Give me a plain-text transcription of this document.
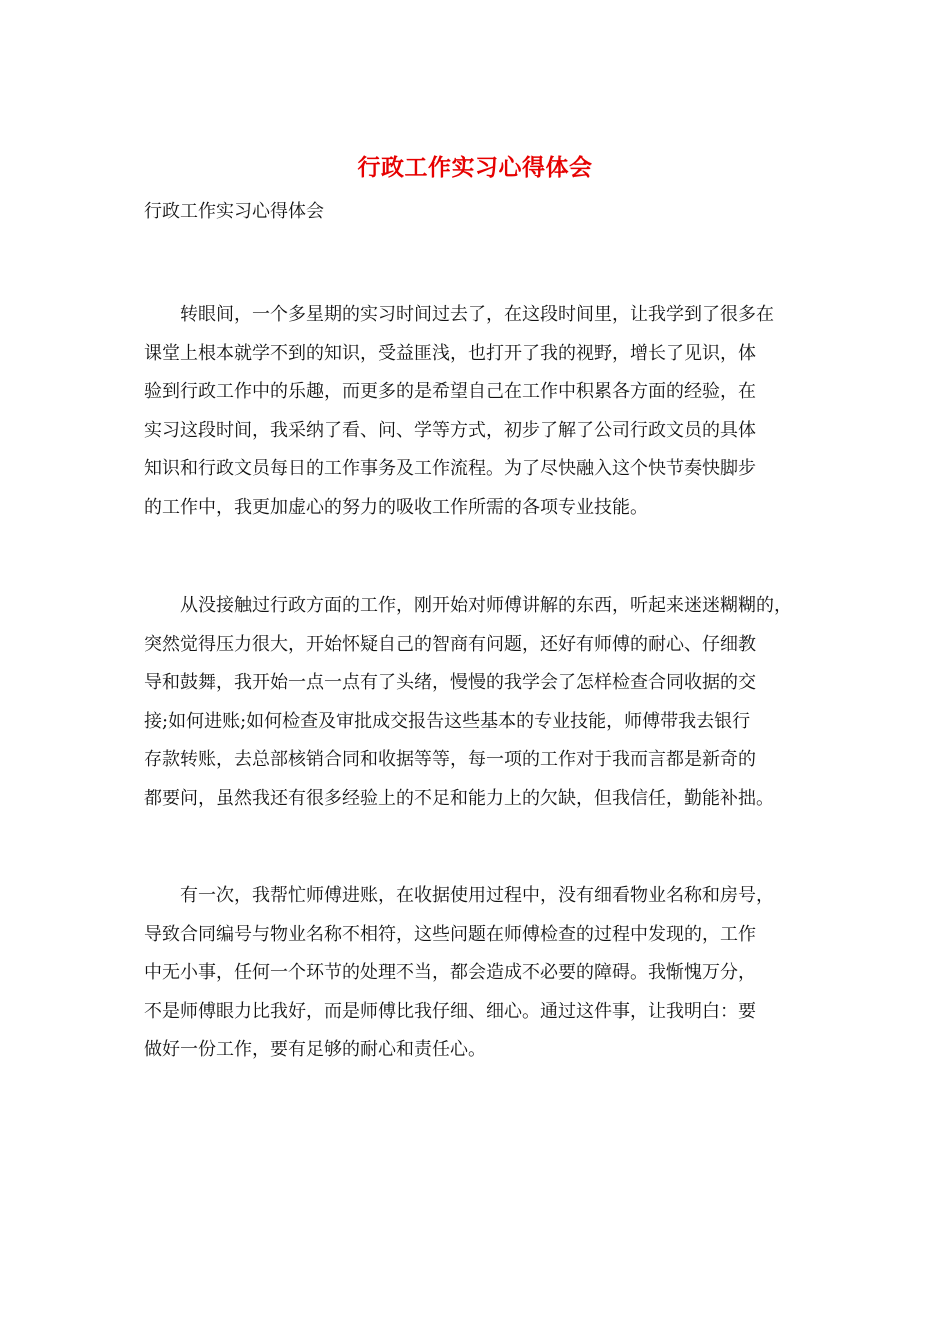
行政工作实习心得体会
行政工作实习心得体会
　　转眼间，一个多星期的实习时间过去了，在这段时间里，让我学到了很多在
课堂上根本就学不到的知识，受益匪浅，也打开了我的视野，增长了见识，体
验到行政工作中的乐趣，而更多的是希望自己在工作中积累各方面的经验，在
实习这段时间，我采纳了看、问、学等方式，初步了解了公司行政文员的具体
知识和行政文员每日的工作事务及工作流程。为了尽快融入这个快节奏快脚步
的工作中，我更加虚心的努力的吸收工作所需的各项专业技能。
　　从没接触过行政方面的工作，刚开始对师傅讲解的东西，听起来迷迷糊糊的，
突然觉得压力很大，开始怀疑自己的智商有问题，还好有师傅的耐心、仔细教
导和鼓舞，我开始一点一点有了头绪，慢慢的我学会了怎样检查合同收据的交
接;如何进账;如何检查及审批成交报告这些基本的专业技能，师傅带我去银行
存款转账，去总部核销合同和收据等等，每一项的工作对于我而言都是新奇的
都要问，虽然我还有很多经验上的不足和能力上的欠缺，但我信任，勤能补拙。
　　有一次，我帮忙师傅进账，在收据使用过程中，没有细看物业名称和房号，
导致合同编号与物业名称不相符，这些问题在师傅检查的过程中发现的，工作
中无小事，任何一个环节的处理不当，都会造成不必要的障碍。我惭愧万分，
不是师傅眼力比我好，而是师傅比我仔细、细心。通过这件事，让我明白：要
做好一份工作，要有足够的耐心和责任心。
